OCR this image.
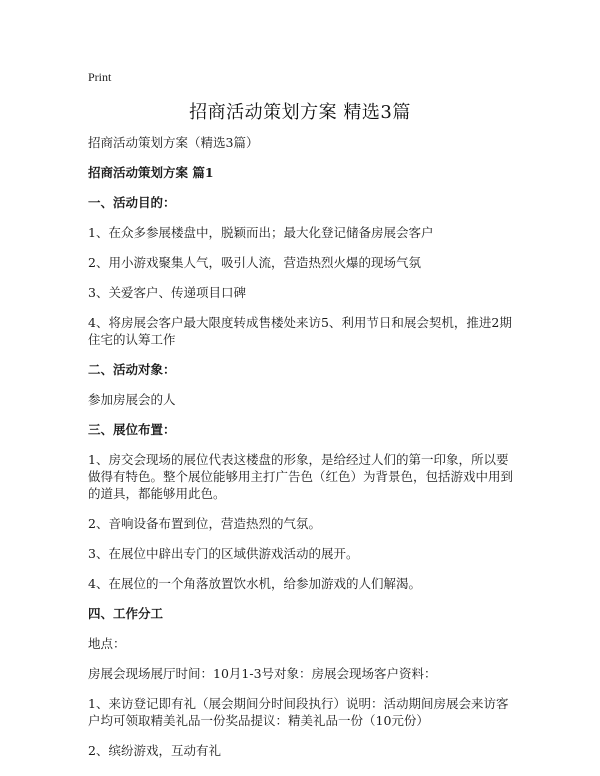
Print
招商活动策划方案 精选3篇

招商活动策划方案（精选3篇）

招商活动策划方案 篇1

一、活动目的：

1、在众多参展楼盘中，脱颖而出；最大化登记储备房展会客户

2、用小游戏聚集人气，吸引人流，营造热烈火爆的现场气氛

3、关爱客户、传递项目口碑

4、将房展会客户最大限度转成售楼处来访5、利用节日和展会契机，推进2期住宅的认筹工作

二、活动对象：

参加房展会的人

三、展位布置：

1、房交会现场的展位代表这楼盘的形象，是给经过人们的第一印象，所以要做得有特色。整个展位能够用主打广告色（红色）为背景色，包括游戏中用到的道具，都能够用此色。

2、音响设备布置到位，营造热烈的气氛。

3、在展位中辟出专门的区域供游戏活动的展开。

4、在展位的一个角落放置饮水机，给参加游戏的人们解渴。

四、工作分工

地点：

房展会现场展厅时间：10月1-3号对象：房展会现场客户资料：

1、来访登记即有礼（展会期间分时间段执行）说明：活动期间房展会来访客户均可领取精美礼品一份奖品提议：精美礼品一份（10元份）

2、缤纷游戏，互动有礼
